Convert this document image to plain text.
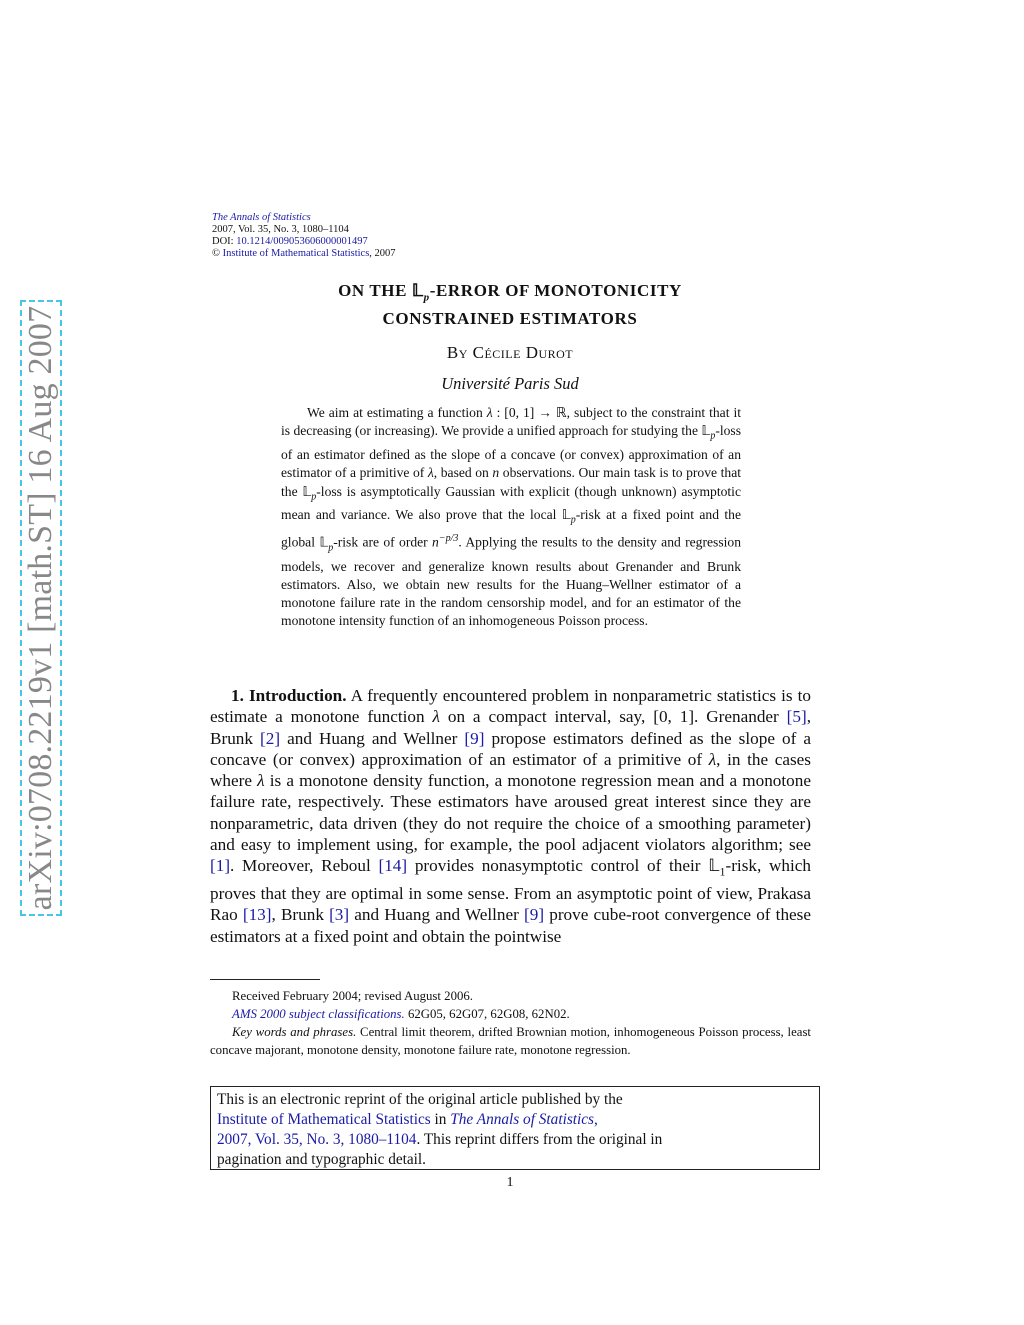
arXiv:0708.2219v1 [math.ST] 16 Aug 2007
The Annals of Statistics
2007, Vol. 35, No. 3, 1080–1104
DOI: 10.1214/009053606000001497
© Institute of Mathematical Statistics, 2007
ON THE 𝕃$_p$-ERROR OF MONOTONICITY
CONSTRAINED ESTIMATORS
By Cécile Durot
Université Paris Sud
We aim at estimating a function λ : [0, 1] → ℝ, subject to the constraint that it is decreasing (or increasing). We provide a unified approach for studying the 𝕃$_p$-loss of an estimator defined as the slope of a concave (or convex) approximation of an estimator of a primitive of λ, based on n observations. Our main task is to prove that the 𝕃$_p$-loss is asymptotically Gaussian with explicit (though unknown) asymptotic mean and variance. We also prove that the local 𝕃$_p$-risk at a fixed point and the global 𝕃$_p$-risk are of order $n^{-p/3}$. Applying the results to the density and regression models, we recover and generalize known results about Grenander and Brunk estimators. Also, we obtain new results for the Huang–Wellner estimator of a monotone failure rate in the random censorship model, and for an estimator of the monotone intensity function of an inhomogeneous Poisson process.
1. Introduction. A frequently encountered problem in nonparametric statistics is to estimate a monotone function λ on a compact interval, say, [0, 1]. Grenander [5], Brunk [2] and Huang and Wellner [9] propose estimators defined as the slope of a concave (or convex) approximation of an estimator of a primitive of λ, in the cases where λ is a monotone density function, a monotone regression mean and a monotone failure rate, respectively. These estimators have aroused great interest since they are nonparametric, data driven (they do not require the choice of a smoothing parameter) and easy to implement using, for example, the pool adjacent violators algorithm; see [1]. Moreover, Reboul [14] provides nonasymptotic control of their 𝕃$_1$-risk, which proves that they are optimal in some sense. From an asymptotic point of view, Prakasa Rao [13], Brunk [3] and Huang and Wellner [9] prove cube-root convergence of these estimators at a fixed point and obtain the pointwise

Received February 2004; revised August 2006.

AMS 2000 subject classifications. 62G05, 62G07, 62G08, 62N02.

Key words and phrases. Central limit theorem, drifted Brownian motion, inhomogeneous Poisson process, least concave majorant, monotone density, monotone failure rate, monotone regression.

This is an electronic reprint of the original article published by the
Institute of Mathematical Statistics in The Annals of Statistics,
2007, Vol. 35, No. 3, 1080–1104. This reprint differs from the original in
pagination and typographic detail.
1
